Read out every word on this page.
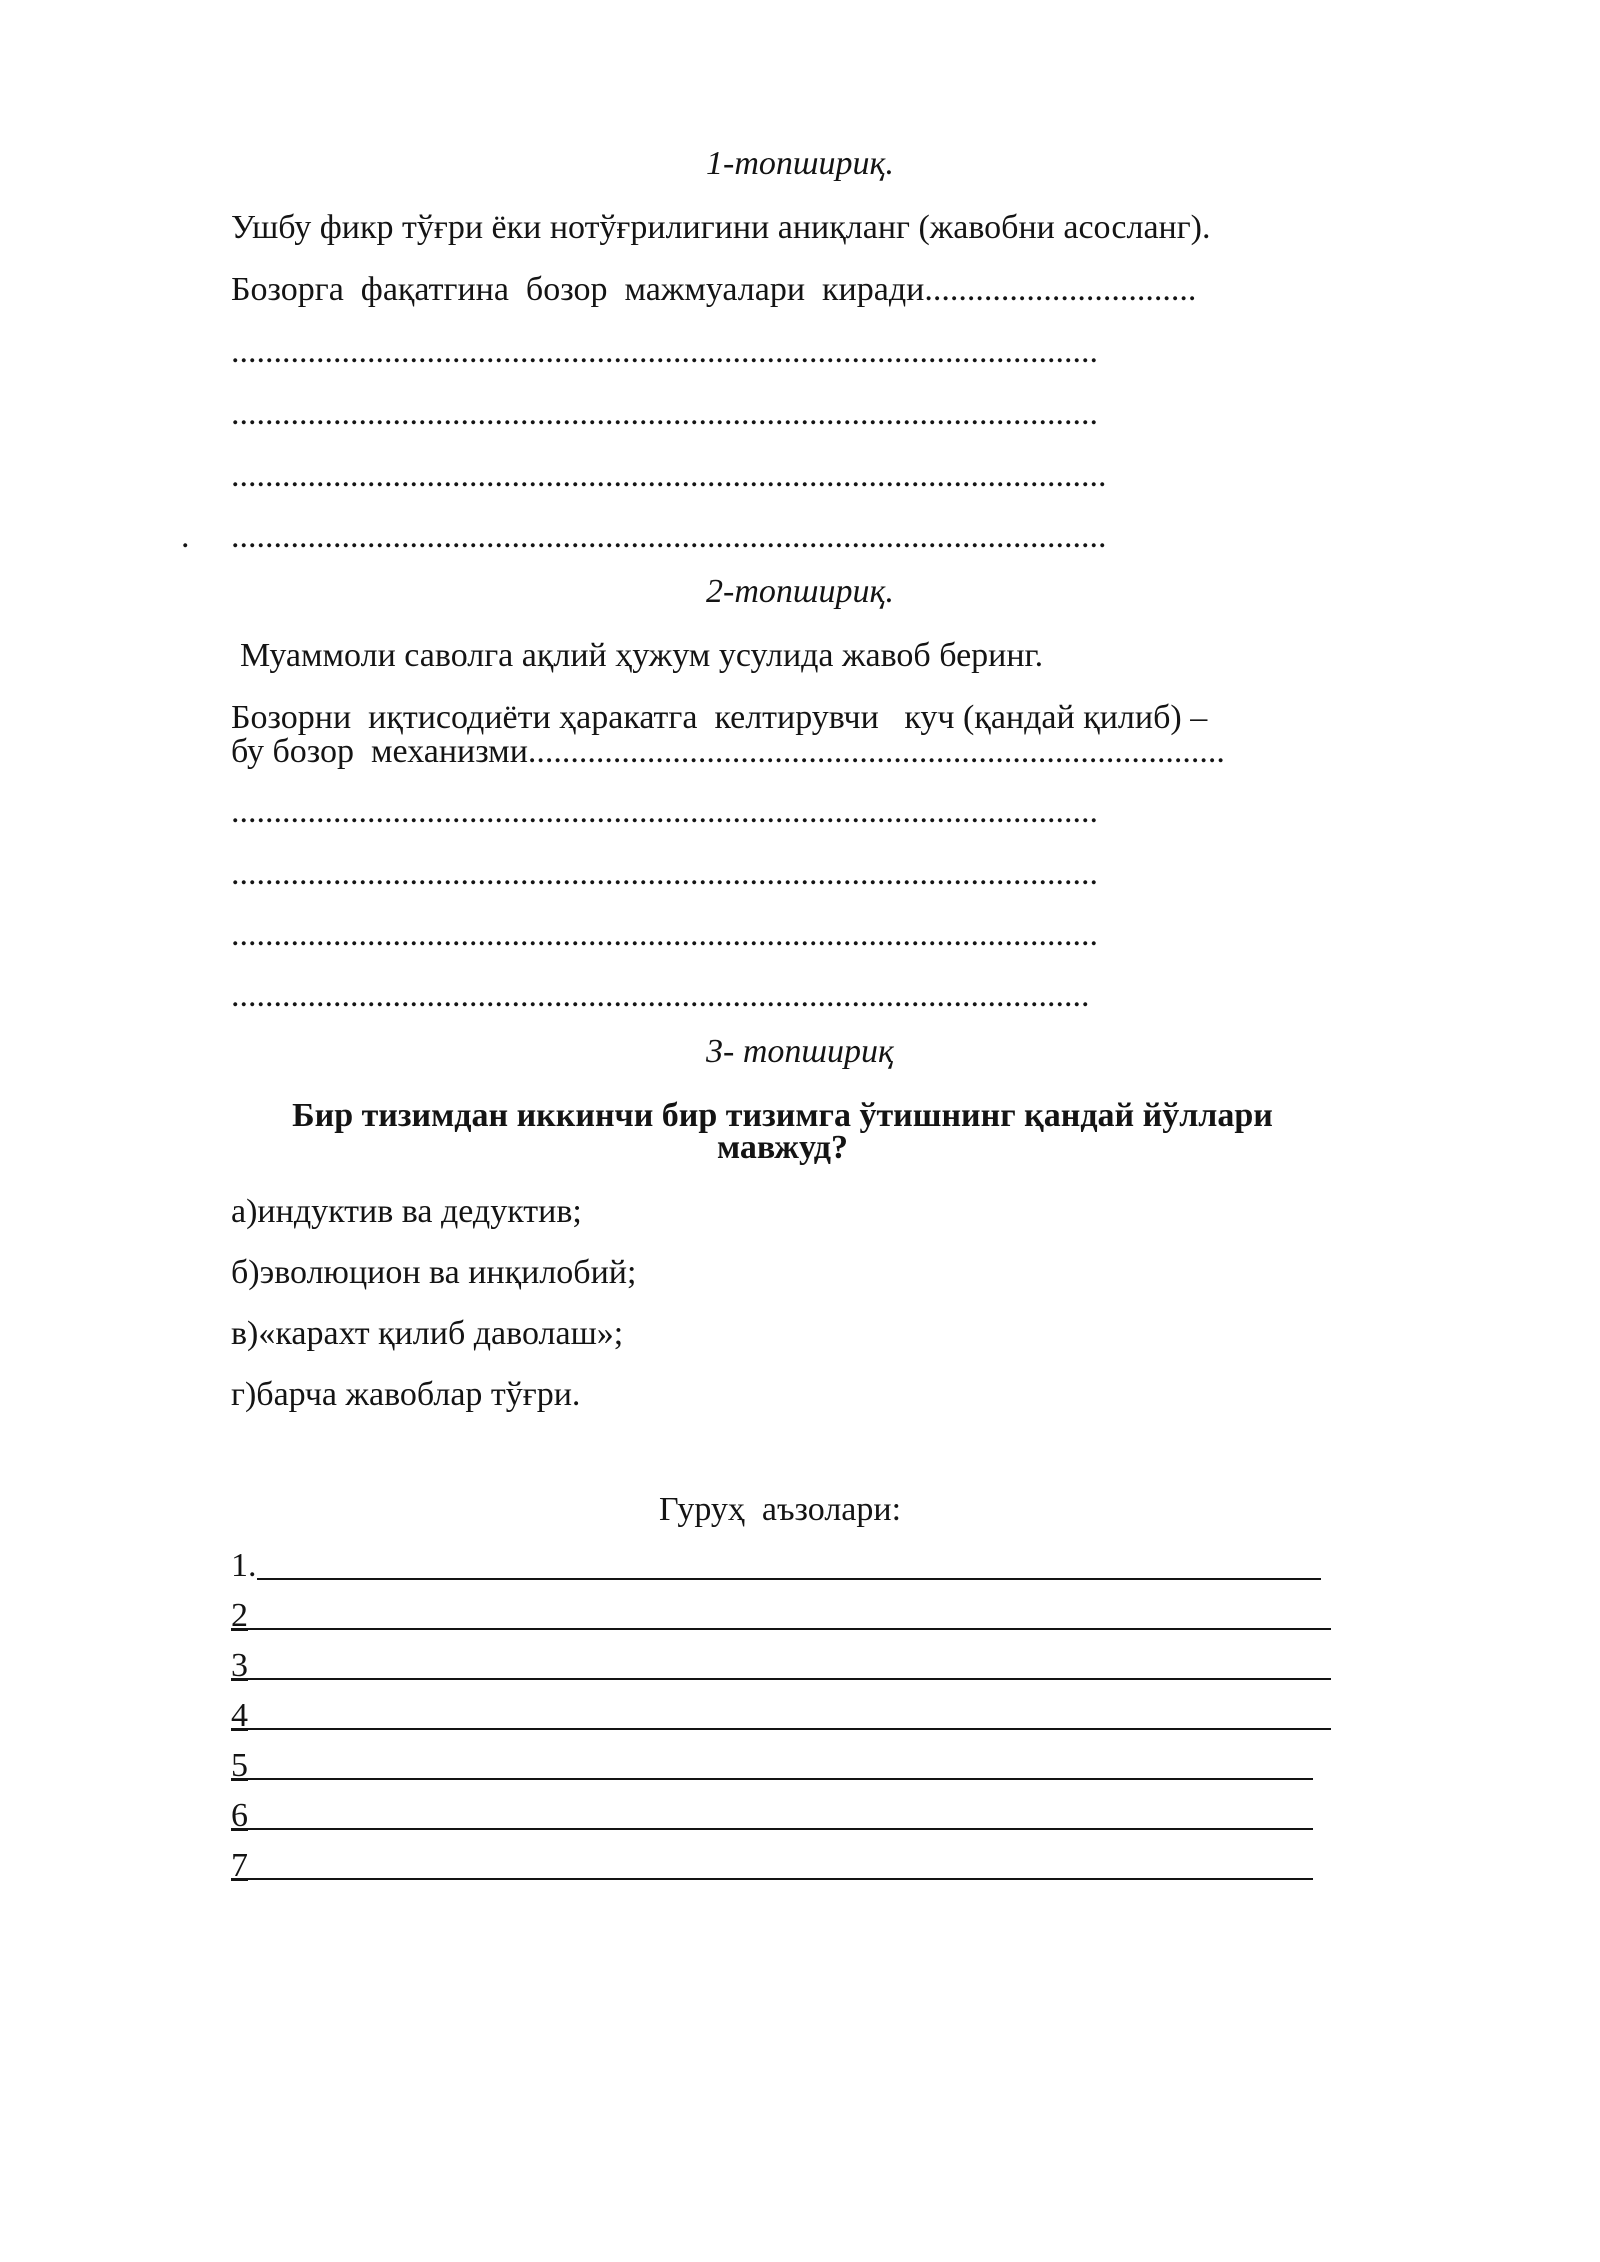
1-топшириқ.
Ушбу фикр тўғри ёки нотўғрилигини аниқланг (жавобни асосланг).
Бозорга  фақатгина  бозор  мажмуалари  киради................................
......................................................................................................
......................................................................................................
.......................................................................................................
. .......................................................................................................
2-топшириқ.
Муаммоли саволга ақлий ҳужум усулида жавоб беринг.
Бозорни  иқтисодиёти ҳаракатга  келтирувчи   куч (қандай қилиб) –
бу бозор  механизми..................................................................................
......................................................................................................
......................................................................................................
......................................................................................................
.....................................................................................................
3- топшириқ
Бир тизимдан иккинчи бир тизимга ўтишнинг қандай йўллари
мавжуд?
а)индуктив ва дедуктив;
б)эволюцион ва инқилобий;
в)«карахт қилиб даволаш»;
г)барча жавоблар тўғри.
Гуруҳ  аъзолари:
1.
2
3
4
5
6
7
